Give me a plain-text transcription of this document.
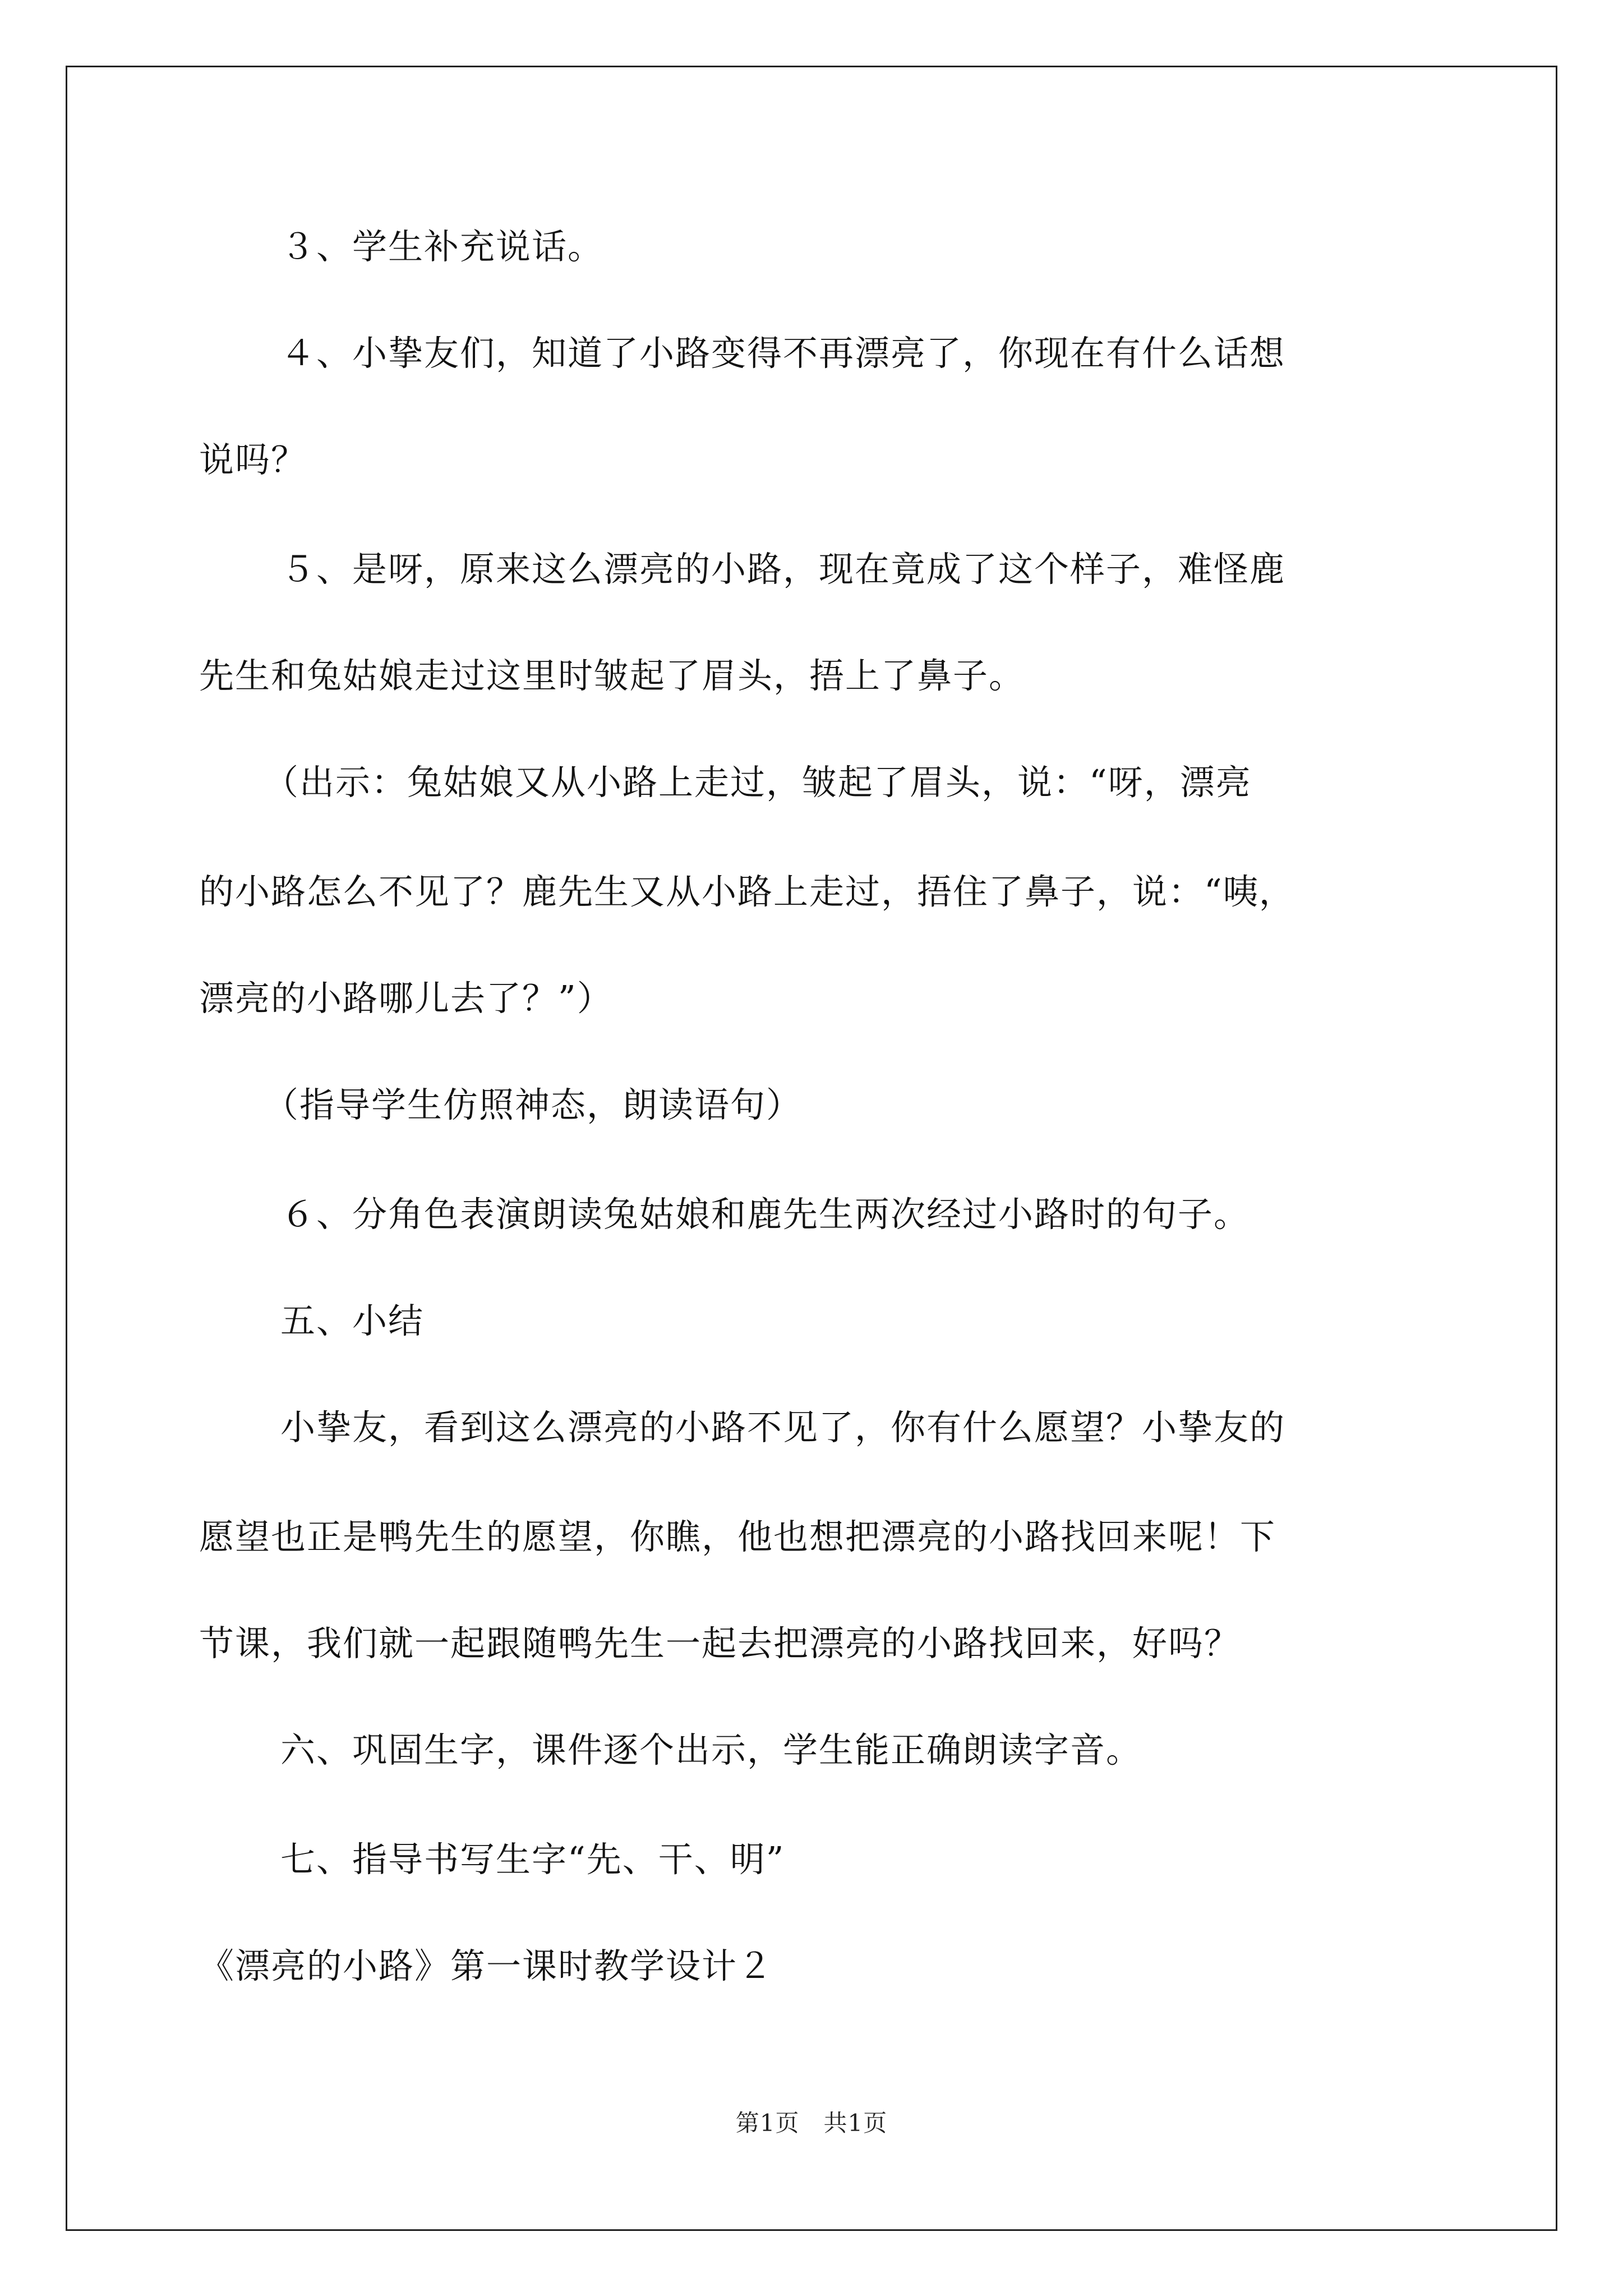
３、学生补充说话。
４、小挚友们，知道了小路变得不再漂亮了，你现在有什么话想
说吗？
５、是呀，原来这么漂亮的小路，现在竟成了这个样子，难怪鹿
先生和兔姑娘走过这里时皱起了眉头，捂上了鼻子。
（出示：兔姑娘又从小路上走过，皱起了眉头，说：“呀，漂亮
的小路怎么不见了？鹿先生又从小路上走过，捂住了鼻子，说：“咦，
漂亮的小路哪儿去了？”）
（指导学生仿照神态，朗读语句）
６、分角色表演朗读兔姑娘和鹿先生两次经过小路时的句子。
五、小结
小挚友，看到这么漂亮的小路不见了，你有什么愿望？小挚友的
愿望也正是鸭先生的愿望，你瞧，他也想把漂亮的小路找回来呢！下
节课，我们就一起跟随鸭先生一起去把漂亮的小路找回来，好吗？
六、巩固生字，课件逐个出示，学生能正确朗读字音。
七、指导书写生字“先、干、明”
《漂亮的小路》第一课时教学设计２
第1页　共1页
